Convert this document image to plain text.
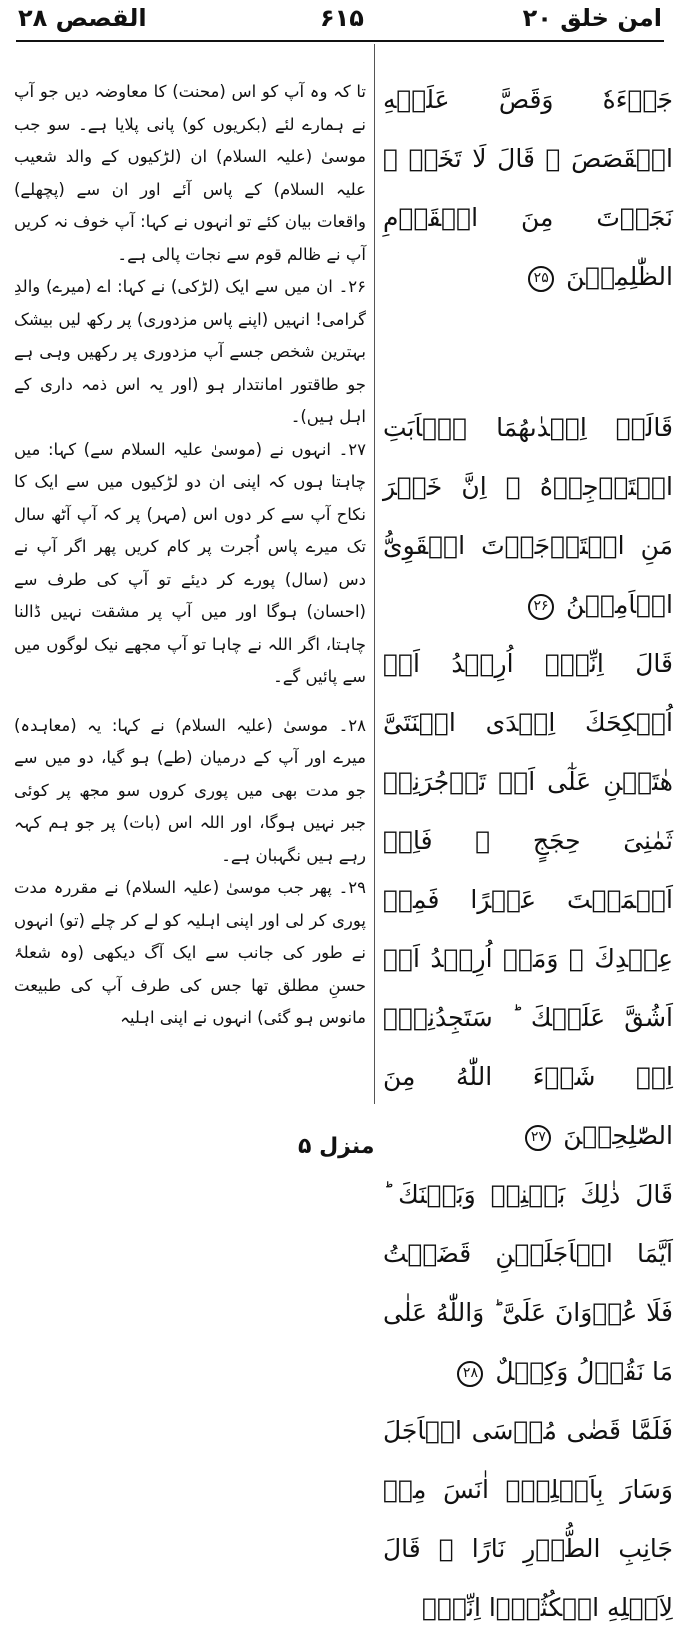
امن خلق ۲۰
۶۱۵
القصص ۲۸

جَاۤءَهٗ وَقَصَّ عَلَيۡهِ الۡقَصَصَ ۙ قَالَ لَا تَخَفۡ ۚ نَجَوۡتَ مِنَ الۡقَوۡمِ الظّٰلِمِيۡنَ ۲۵

قَالَتۡ اِحۡدٰٮهُمَا يٰۤاَبَتِ اسۡتَاۡجِرۡهُ ۖ اِنَّ خَيۡرَ مَنِ اسۡتَاۡجَرۡتَ الۡقَوِىُّ الۡاَمِيۡنُ ۲۶

قَالَ اِنِّىۡۤ اُرِيۡدُ اَنۡ اُنۡكِحَكَ اِحۡدَى ابۡنَتَىَّ هٰتَيۡنِ عَلٰٓى اَنۡ تَاۡجُرَنِىۡ ثَمٰنِىَ حِجَجٍ ۚ فَاِنۡ اَتۡمَمۡتَ عَشۡرًا فَمِنۡ عِنۡدِكَ ۚ وَمَاۤ اُرِيۡدُ اَنۡ اَشُقَّ عَلَيۡكَ ؕ سَتَجِدُنِىۡۤ اِنۡ شَاۤءَ اللّٰهُ مِنَ الصّٰلِحِيۡنَ ۲۷

قَالَ ذٰلِكَ بَيۡنِىۡ وَبَيۡنَكَ ؕ اَيَّمَا الۡاَجَلَيۡنِ قَضَيۡتُ فَلَا عُدۡوَانَ عَلَىَّ ؕ وَاللّٰهُ عَلٰى مَا نَقُوۡلُ وَكِيۡلٌ ۲۸

فَلَمَّا قَضٰى مُوۡسَى الۡاَجَلَ وَسَارَ بِاَهۡلِهٖۤ اٰنَسَ مِنۡ جَانِبِ الطُّوۡرِ نَارًا ۚ قَالَ لِاَهۡلِهِ امۡكُثُوۡۤا اِنِّىۡۤ

تا کہ وہ آپ کو اس (محنت) کا معاوضہ دیں جو آپ نے ہمارے لئے (بکریوں کو) پانی پلایا ہے۔ سو جب موسیٰ (علیہ السلام) ان (لڑکیوں کے والد شعیب علیہ السلام) کے پاس آئے اور ان سے (پچھلے) واقعات بیان کئے تو انہوں نے کہا: آپ خوف نہ کریں آپ نے ظالم قوم سے نجات پالی ہے۔

۲۶۔ ان میں سے ایک (لڑکی) نے کہا: اے (میرے) والدِ گرامی! انہیں (اپنے پاس مزدوری) پر رکھ لیں بیشک بہترین شخص جسے آپ مزدوری پر رکھیں وہی ہے جو طاقتور امانتدار ہو (اور یہ اس ذمہ داری کے اہل ہیں)۔

۲۷۔ انہوں نے (موسیٰ علیہ السلام سے) کہا: میں چاہتا ہوں کہ اپنی ان دو لڑکیوں میں سے ایک کا نکاح آپ سے کر دوں اس (مہر) پر کہ آپ آٹھ سال تک میرے پاس اُجرت پر کام کریں پھر اگر آپ نے دس (سال) پورے کر دیئے تو آپ کی طرف سے (احسان) ہوگا اور میں آپ پر مشقت نہیں ڈالنا چاہتا، اگر اللہ نے چاہا تو آپ مجھے نیک لوگوں میں سے پائیں گے۔

۲۸۔ موسیٰ (علیہ السلام) نے کہا: یہ (معاہدہ) میرے اور آپ کے درمیان (طے) ہو گیا، دو میں سے جو مدت بھی میں پوری کروں سو مجھ پر کوئی جبر نہیں ہوگا، اور اللہ اس (بات) پر جو ہم کہہ رہے ہیں نگہبان ہے۔

۲۹۔ پھر جب موسیٰ (علیہ السلام) نے مقررہ مدت پوری کر لی اور اپنی اہلیہ کو لے کر چلے (تو) انہوں نے طور کی جانب سے ایک آگ دیکھی (وہ شعلۂ حسنِ مطلق تھا جس کی طرف آپ کی طبیعت مانوس ہو گئی) انہوں نے اپنی اہلیہ

منزل ۵
